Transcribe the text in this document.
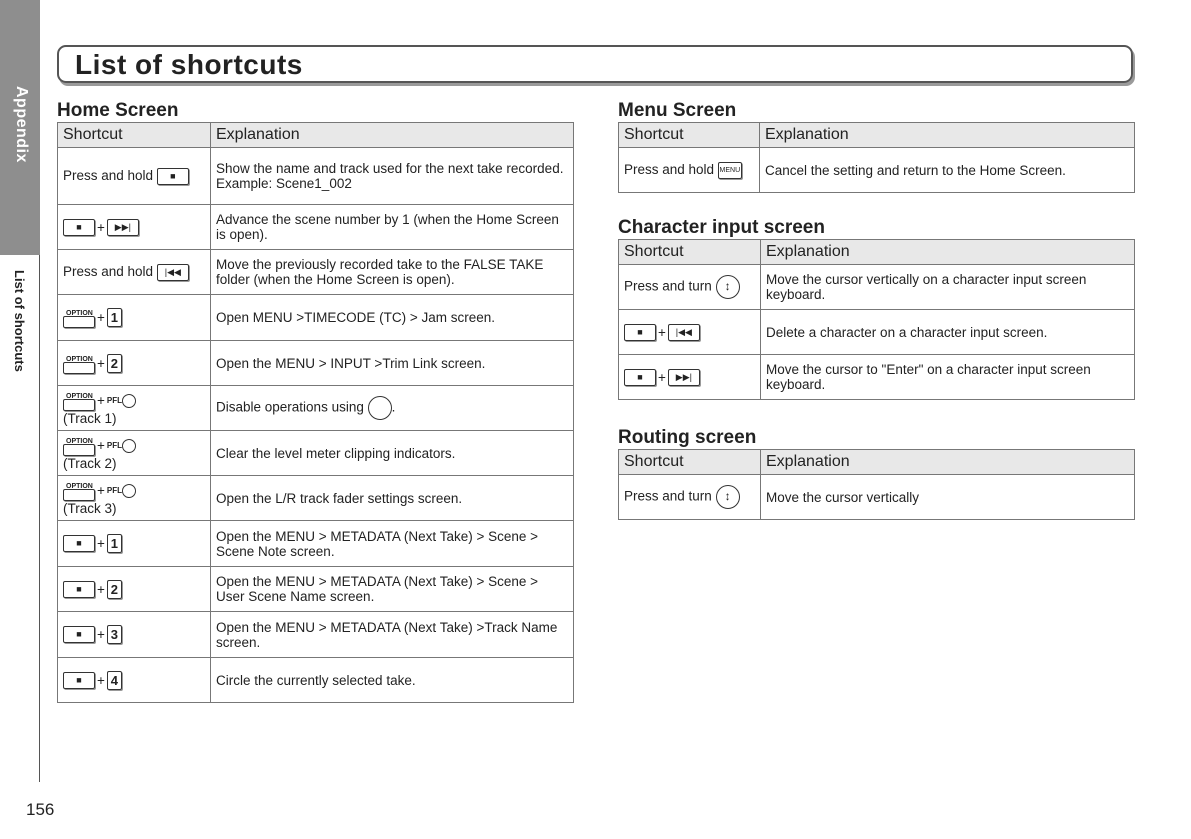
Appendix
List of shortcuts
156
List of shortcuts
Home Screen
Shortcut	Explanation
Press and hold ■	Show the name and track used for the next take recorded.
Example: Scene1_002

■ + ▶▶|	Advance the scene number by 1 (when the Home Screen is open).
Press and hold |◀◀	Move the previously recorded take to the FALSE TAKE folder (when the Home Screen is open).

OPTION + 1	Open MENU >TIMECODE (TC) > Jam screen.

OPTION + 2	Open the MENU > INPUT >Trim Link screen.

OPTION + PFL
(Track 1)	Disable operations using .

OPTION + PFL
(Track 2)	Clear the level meter clipping indicators.

OPTION + PFL
(Track 3)	Open the L/R track fader settings screen.
■ + 1	Open the MENU > METADATA (Next Take) > Scene > Scene Note screen.
■ + 2	Open the MENU > METADATA (Next Take) > Scene > User Scene Name screen.
■ + 3	Open the MENU > METADATA (Next Take) >Track Name screen.
■ + 4	Circle the currently selected take.
Menu Screen
Shortcut	Explanation
Press and hold MENU	Cancel the setting and return to the Home Screen.
Character input screen
Shortcut	Explanation
Press and turn ↕	Move the cursor vertically on a character input screen keyboard.
■ + |◀◀	Delete a character on a character input screen.
■ + ▶▶|	Move the cursor to "Enter" on a character input screen keyboard.
Routing screen
Shortcut	Explanation
Press and turn ↕	Move the cursor vertically
